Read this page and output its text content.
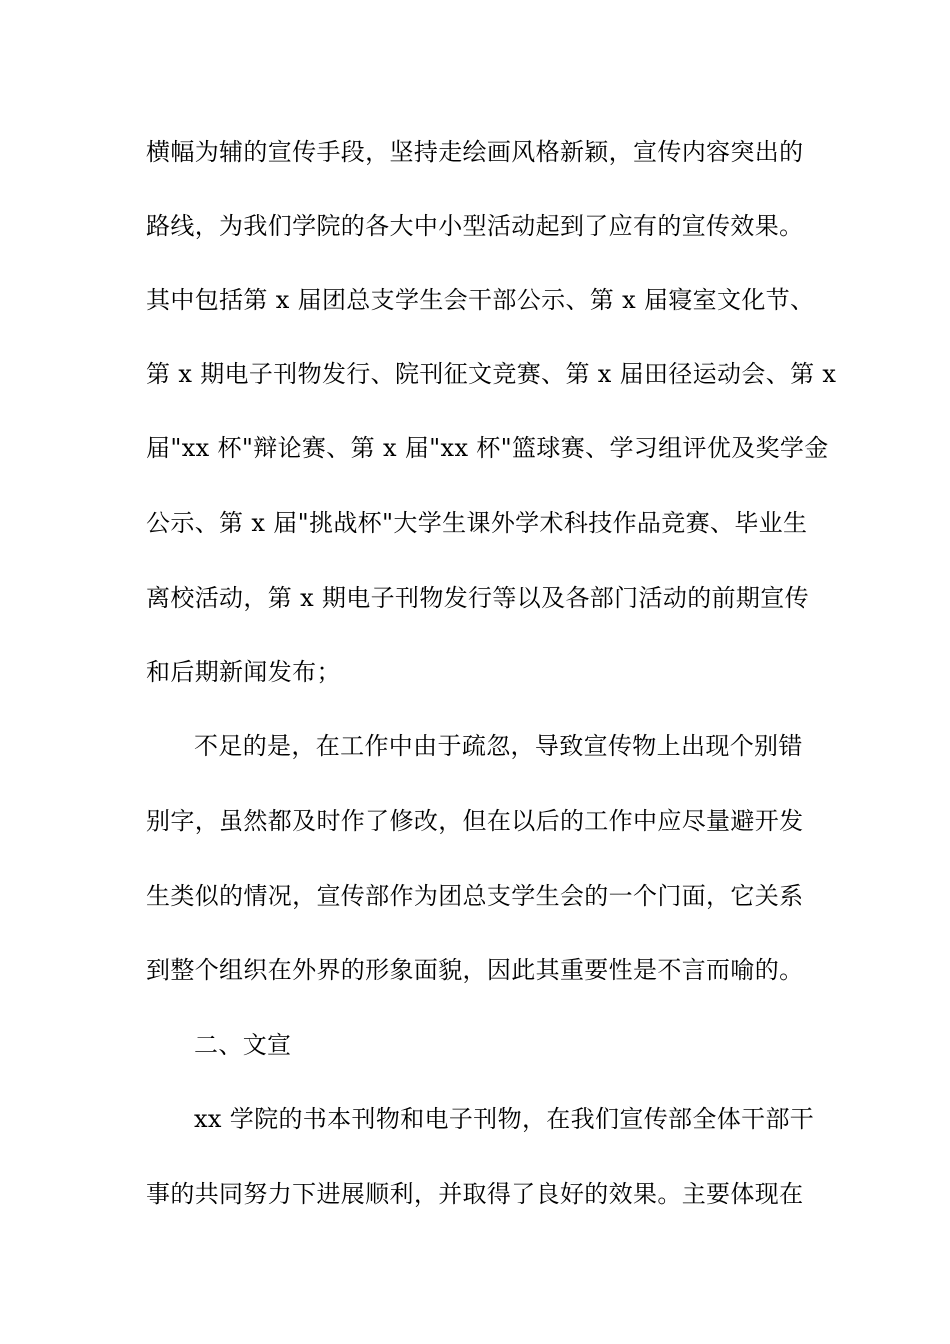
横幅为辅的宣传手段，坚持走绘画风格新颖，宣传内容突出的
路线，为我们学院的各大中小型活动起到了应有的宣传效果。
其中包括第 x 届团总支学生会干部公示、第 x 届寝室文化节、
第 x 期电子刊物发行、院刊征文竞赛、第 x 届田径运动会、第 x
届"xx 杯"辩论赛、第 x 届"xx 杯"篮球赛、学习组评优及奖学金
公示、第 x 届"挑战杯"大学生课外学术科技作品竞赛、毕业生
离校活动，第 x 期电子刊物发行等以及各部门活动的前期宣传
和后期新闻发布；
不足的是，在工作中由于疏忽，导致宣传物上出现个别错
别字，虽然都及时作了修改，但在以后的工作中应尽量避开发
生类似的情况，宣传部作为团总支学生会的一个门面，它关系
到整个组织在外界的形象面貌，因此其重要性是不言而喻的。
二、文宣
xx 学院的书本刊物和电子刊物，在我们宣传部全体干部干
事的共同努力下进展顺利，并取得了良好的效果。主要体现在
